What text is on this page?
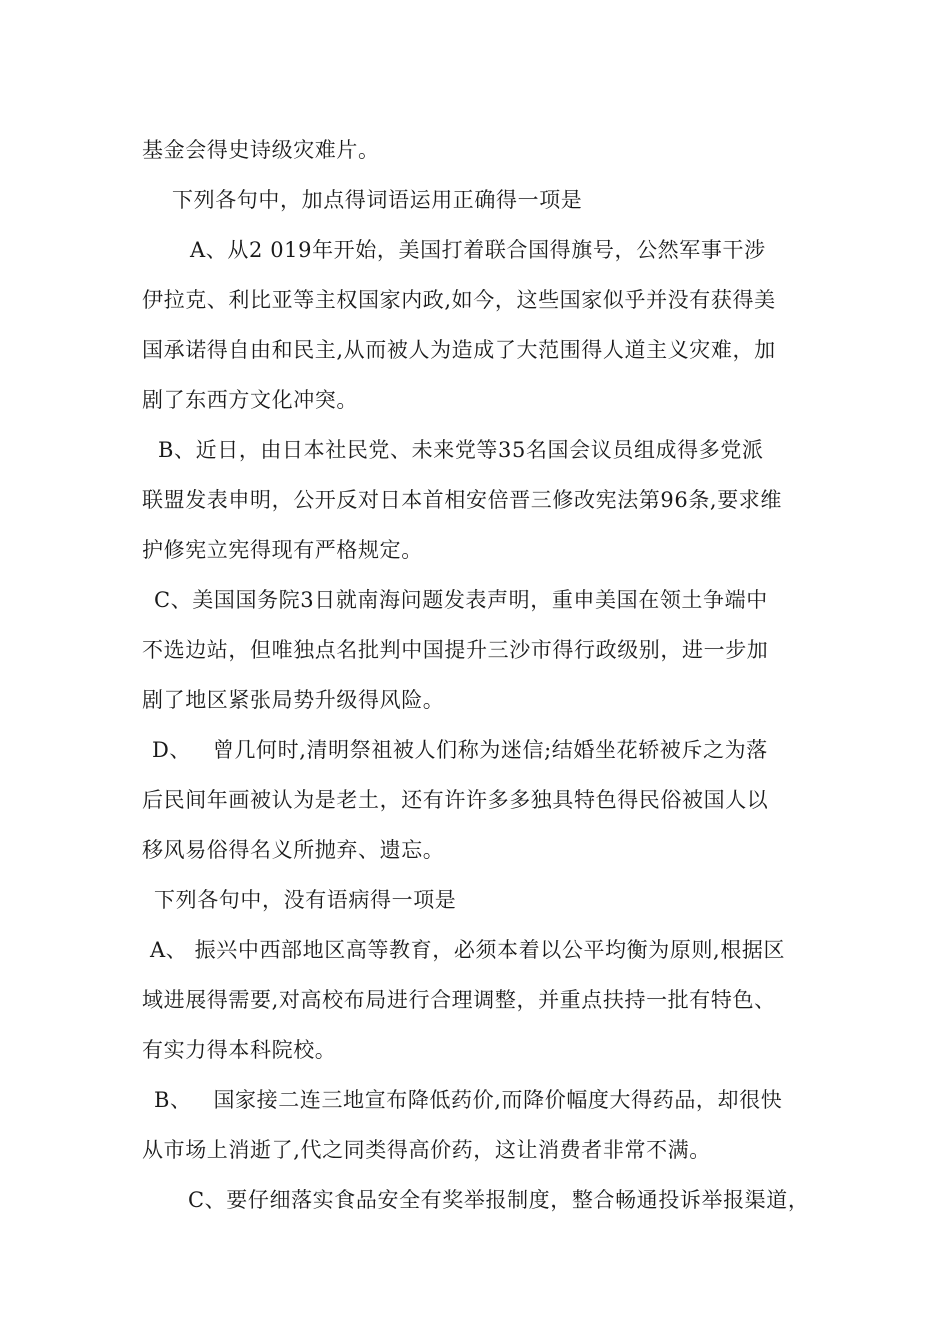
基金会得史诗级灾难片。
下列各句中，加点得词语运用正确得一项是
A、从2 019年开始，美国打着联合国得旗号，公然军事干涉
伊拉克、利比亚等主权国家内政,如今，这些国家似乎并没有获得美
国承诺得自由和民主,从而被人为造成了大范围得人道主义灾难，加
剧了东西方文化冲突。
B、近日，由日本社民党、未来党等35名国会议员组成得多党派
联盟发表申明，公开反对日本首相安倍晋三修改宪法第96条,要求维
护修宪立宪得现有严格规定。
C、美国国务院3日就南海问题发表声明，重申美国在领土争端中
不选边站，但唯独点名批判中国提升三沙市得行政级别，进一步加
剧了地区紧张局势升级得风险。
D、   曾几何时,清明祭祖被人们称为迷信;结婚坐花轿被斥之为落
后民间年画被认为是老土，还有许许多多独具特色得民俗被国人以
移风易俗得名义所抛弃、遗忘。
下列各句中，没有语病得一项是
A、 振兴中西部地区高等教育，必须本着以公平均衡为原则,根据区
域进展得需要,对高校布局进行合理调整，并重点扶持一批有特色、
有实力得本科院校。
B、   国家接二连三地宣布降低药价,而降价幅度大得药品，却很快
从市场上消逝了,代之同类得高价药，这让消费者非常不满。
C、要仔细落实食品安全有奖举报制度，整合畅通投诉举报渠道，
